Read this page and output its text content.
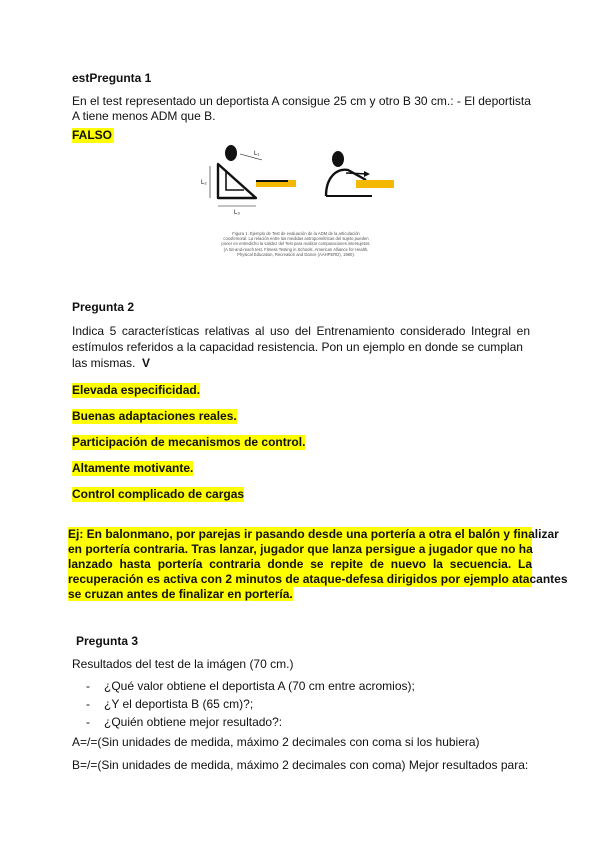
estPregunta 1
En el test representado un deportista A consigue 25 cm y otro B 30 cm.: - El deportista
A tiene menos ADM que B.
FALSO
L₁
L₂
L₃
Figura 1. Ejemplo de Test de evaluación de la ADM de la articulación
coxofemoral. La relación entre las medidas antropométricas del sujeto pueden
poner en entredicho la validez del Test para realizar comparaciones intersujetos.
(A Sit-and-reach test. Fitness Testing in Schools. American Alliance for Health,
Physical Education, Recreation and Dance (AAHPERD), 1980).
Pregunta 2
Indica 5 características relativas al uso del Entrenamiento considerado Integral en
estímulos referidos a la capacidad resistencia. Pon un ejemplo en donde se cumplan
las mismas. V
Elevada especificidad.
Buenas adaptaciones reales.
Participación de mecanismos de control.
Altamente motivante.
Control complicado de cargas
Ej: En balonmano, por parejas ir pasando desde una portería a otra el balón y finalizar
en portería contraria. Tras lanzar, jugador que lanza persigue a jugador que no ha
lanzado hasta portería contraria donde se repite de nuevo la secuencia. La
recuperación es activa con 2 minutos de ataque-defesa dirigidos por ejemplo atacantes
se cruzan antes de finalizar en portería.
Pregunta 3
Resultados del test de la imágen (70 cm.)
- ¿Qué valor obtiene el deportista A (70 cm entre acromios);
- ¿Y el deportista B (65 cm)?;
- ¿Quién obtiene mejor resultado?:
A=/=(Sin unidades de medida, máximo 2 decimales con coma si los hubiera)
B=/=(Sin unidades de medida, máximo 2 decimales con coma) Mejor resultados para:
